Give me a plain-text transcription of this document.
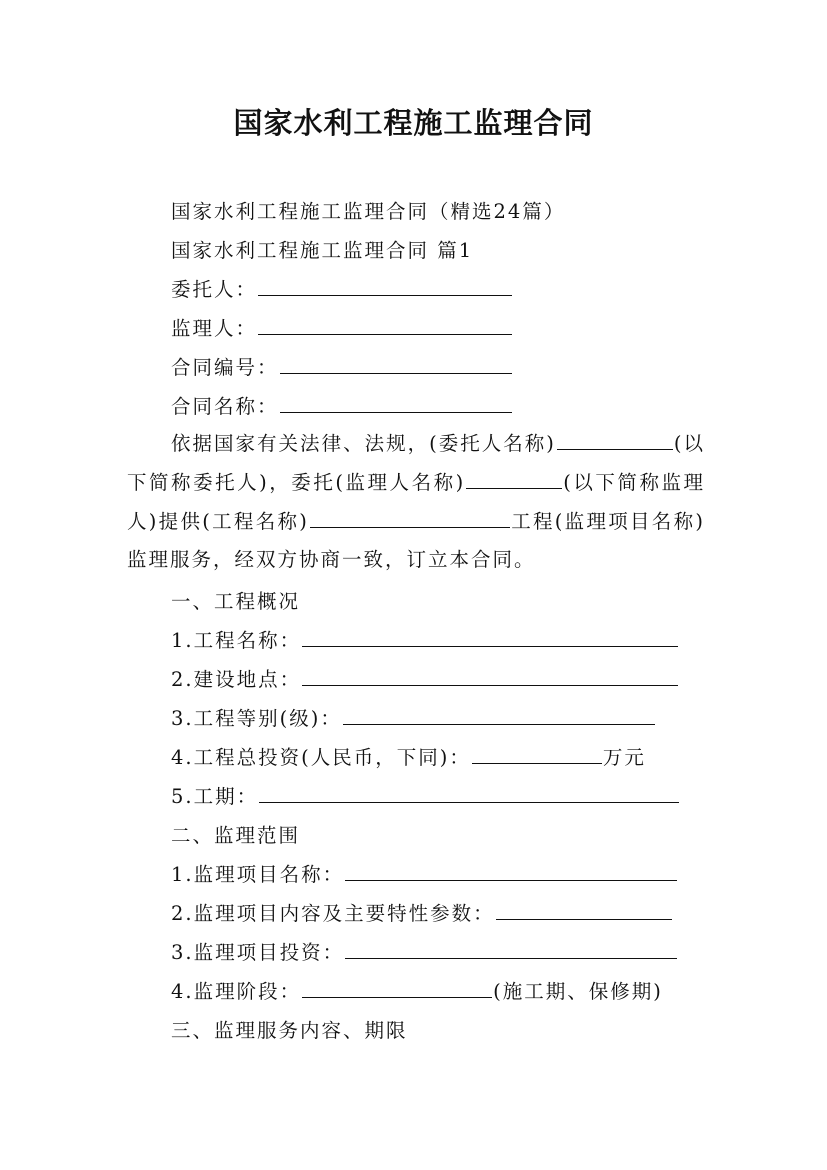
国家水利工程施工监理合同
国家水利工程施工监理合同（精选24篇）
国家水利工程施工监理合同 篇1
委托人：
监理人：
合同编号：
合同名称：
依据国家有关法律、法规，(委托人名称)	(以下简称委托人)，委托(监理人名称)	(以下简称监理人)提供(工程名称)	工程(监理项目名称)监理服务，经双方协商一致，订立本合同。
一、工程概况
1.工程名称：
2.建设地点：
3.工程等别(级)：
4.工程总投资(人民币，下同)：	万元
5.工期：
二、监理范围
1.监理项目名称：
2.监理项目内容及主要特性参数：
3.监理项目投资：
4.监理阶段：	(施工期、保修期)
三、监理服务内容、期限
